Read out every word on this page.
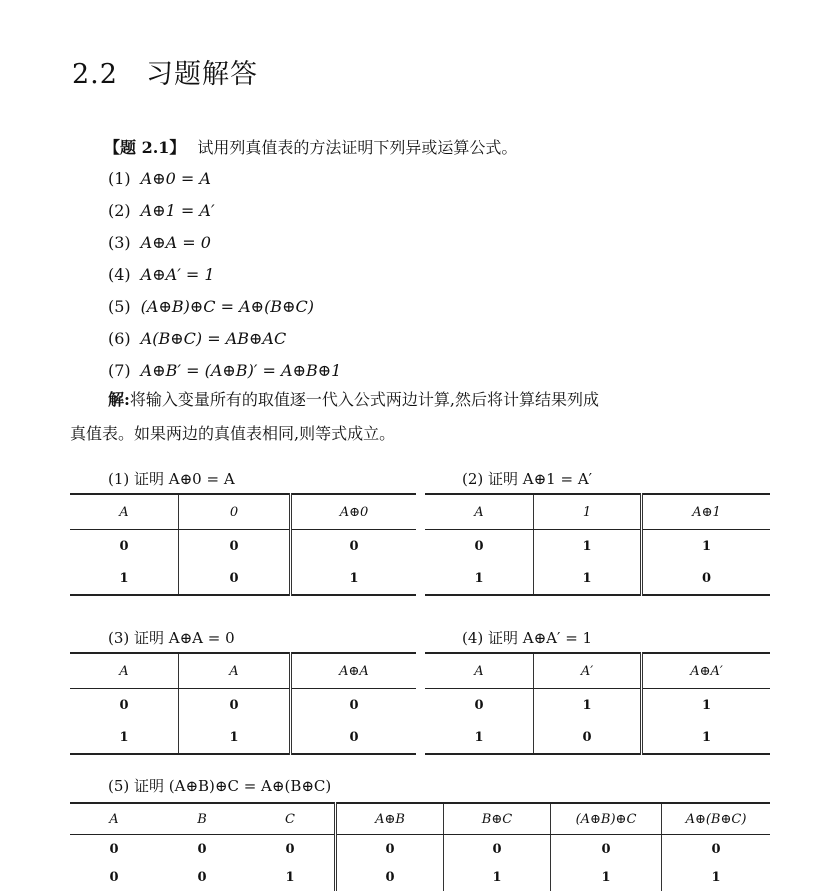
2.2 习题解答
【题 2.1】 试用列真值表的方法证明下列异或运算公式。
(1) A⊕0 = A
(2) A⊕1 = A′
(3) A⊕A = 0
(4) A⊕A′ = 1
(5) (A⊕B)⊕C = A⊕(B⊕C)
(6) A(B⊕C) = AB⊕AC
(7) A⊕B′ = (A⊕B)′ = A⊕B⊕1
解:将输入变量所有的取值逐一代入公式两边计算,然后将计算结果列成
真值表。如果两边的真值表相同,则等式成立。
(1) 证明 A⊕0 = A
A	0	A⊕0
0	0	0
1	0	1
(2) 证明 A⊕1 = A′
A	1	A⊕1
0	1	1
1	1	0
(3) 证明 A⊕A = 0
A	A	A⊕A
0	0	0
1	1	0
(4) 证明 A⊕A′ = 1
A	A′	A⊕A′
0	1	1
1	0	1
(5) 证明 (A⊕B)⊕C = A⊕(B⊕C)
A	B	C	A⊕B	B⊕C	(A⊕B)⊕C	A⊕(B⊕C)
0	0	0	0	0	0	0
0	0	1	0	1	1	1
